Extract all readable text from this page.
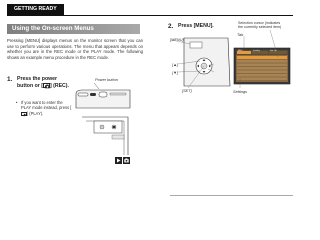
GETTING READY
Using the On-screen Menus
Pressing [MENU] displays menus on the monitor screen that you can use to perform various operations. The menu that appears depends on whether you are in the REC mode or the PLAY mode. The following shows an example menu procedure in the REC mode.
1. Press the power
button or [ ] (REC).
• If you want to enter the PLAY mode instead, press [
] (PLAY).
Power button
2. Press [MENU].	Selection cursor (indicates
the currently selected item)
Tab
[MENU]
[▲]
[▼]
[SET]	Settings
REC	Quality	Set Up
